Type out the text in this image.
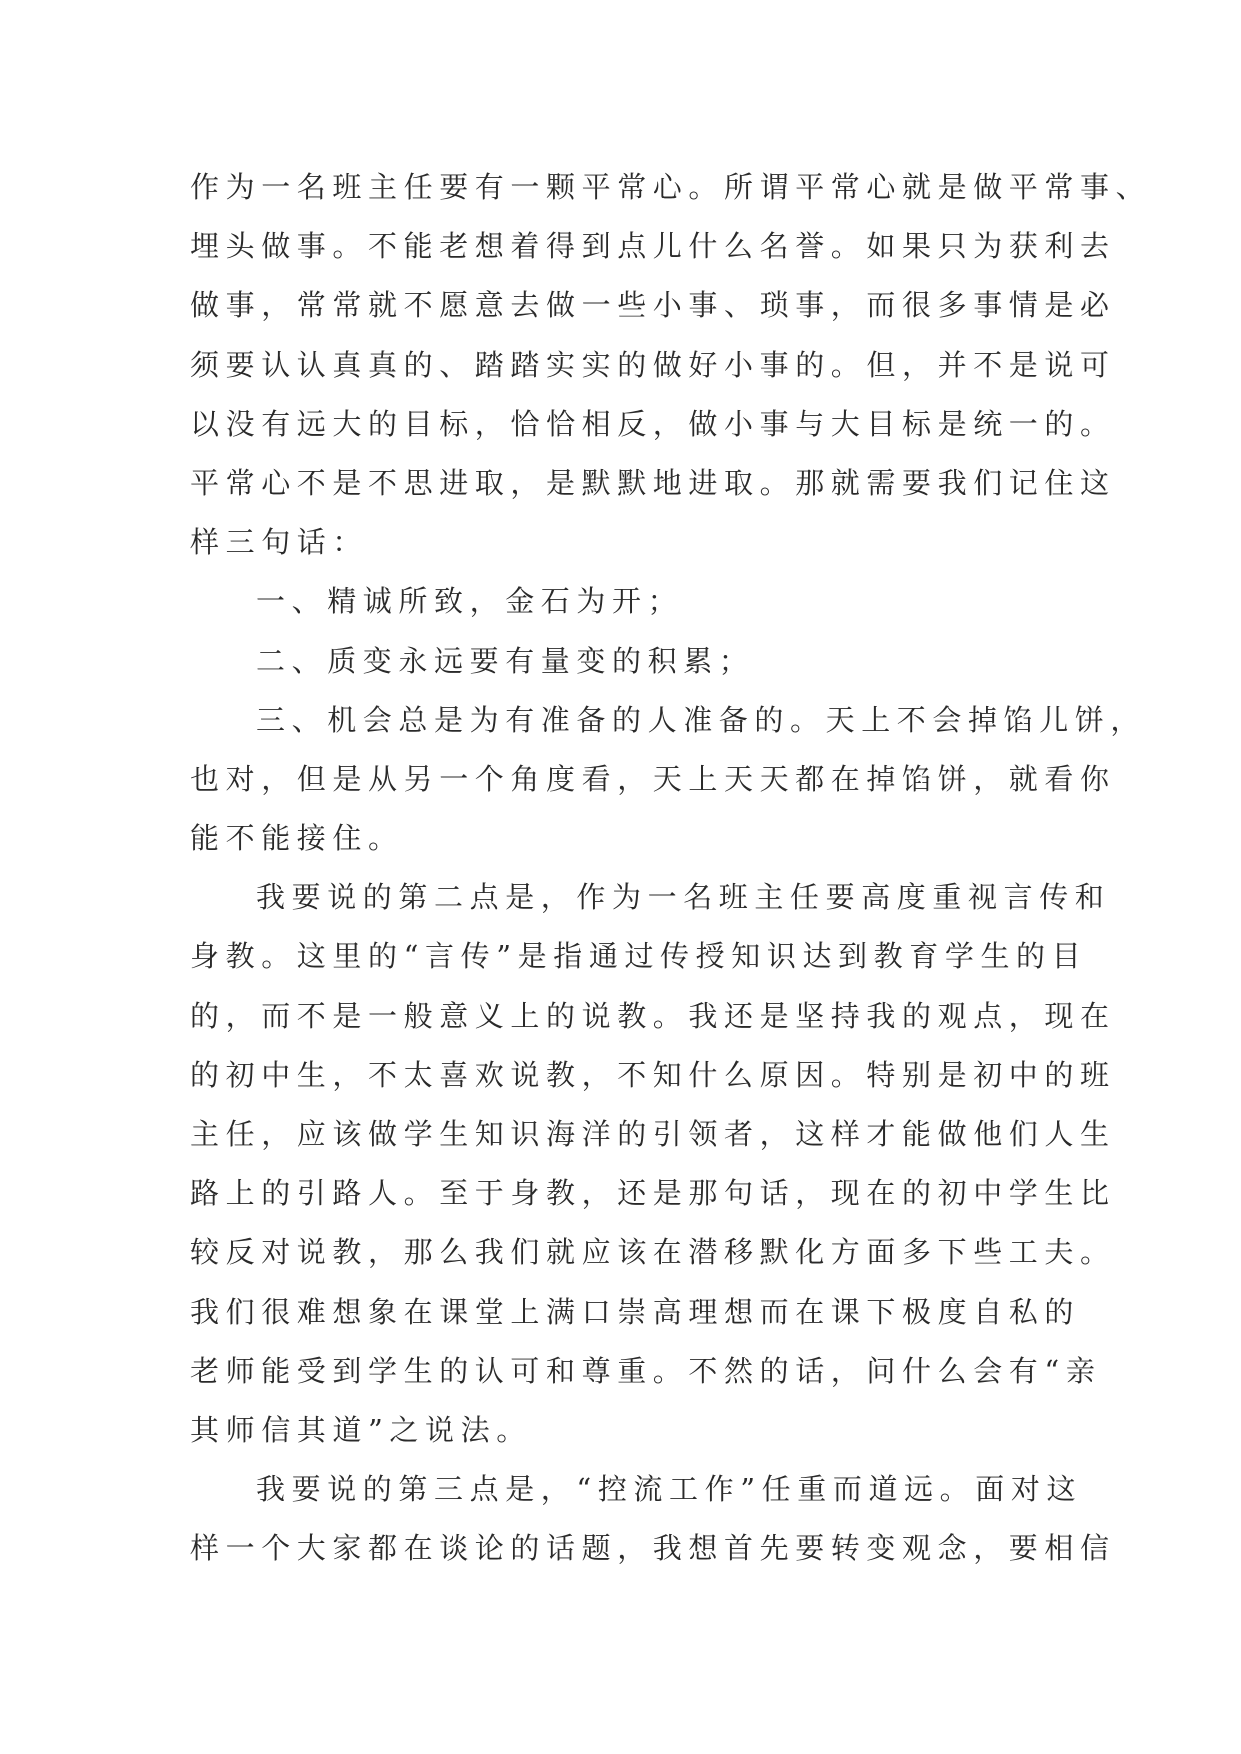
作为一名班主任要有一颗平常心。所谓平常心就是做平常事、
埋头做事。不能老想着得到点儿什么名誉。如果只为获利去
做事，常常就不愿意去做一些小事、琐事，而很多事情是必
须要认认真真的、踏踏实实的做好小事的。但，并不是说可
以没有远大的目标，恰恰相反，做小事与大目标是统一的。
平常心不是不思进取，是默默地进取。那就需要我们记住这
样三句话：
一、精诚所致，金石为开；
二、质变永远要有量变的积累；
三、机会总是为有准备的人准备的。天上不会掉馅儿饼，
也对，但是从另一个角度看，天上天天都在掉馅饼，就看你
能不能接住。
我要说的第二点是，作为一名班主任要高度重视言传和
身教。这里的“言传”是指通过传授知识达到教育学生的目
的，而不是一般意义上的说教。我还是坚持我的观点，现在
的初中生，不太喜欢说教，不知什么原因。特别是初中的班
主任，应该做学生知识海洋的引领者，这样才能做他们人生
路上的引路人。至于身教，还是那句话，现在的初中学生比
较反对说教，那么我们就应该在潜移默化方面多下些工夫。
我们很难想象在课堂上满口崇高理想而在课下极度自私的
老师能受到学生的认可和尊重。不然的话，问什么会有“亲
其师信其道”之说法。
我要说的第三点是，“控流工作”任重而道远。面对这
样一个大家都在谈论的话题，我想首先要转变观念，要相信
